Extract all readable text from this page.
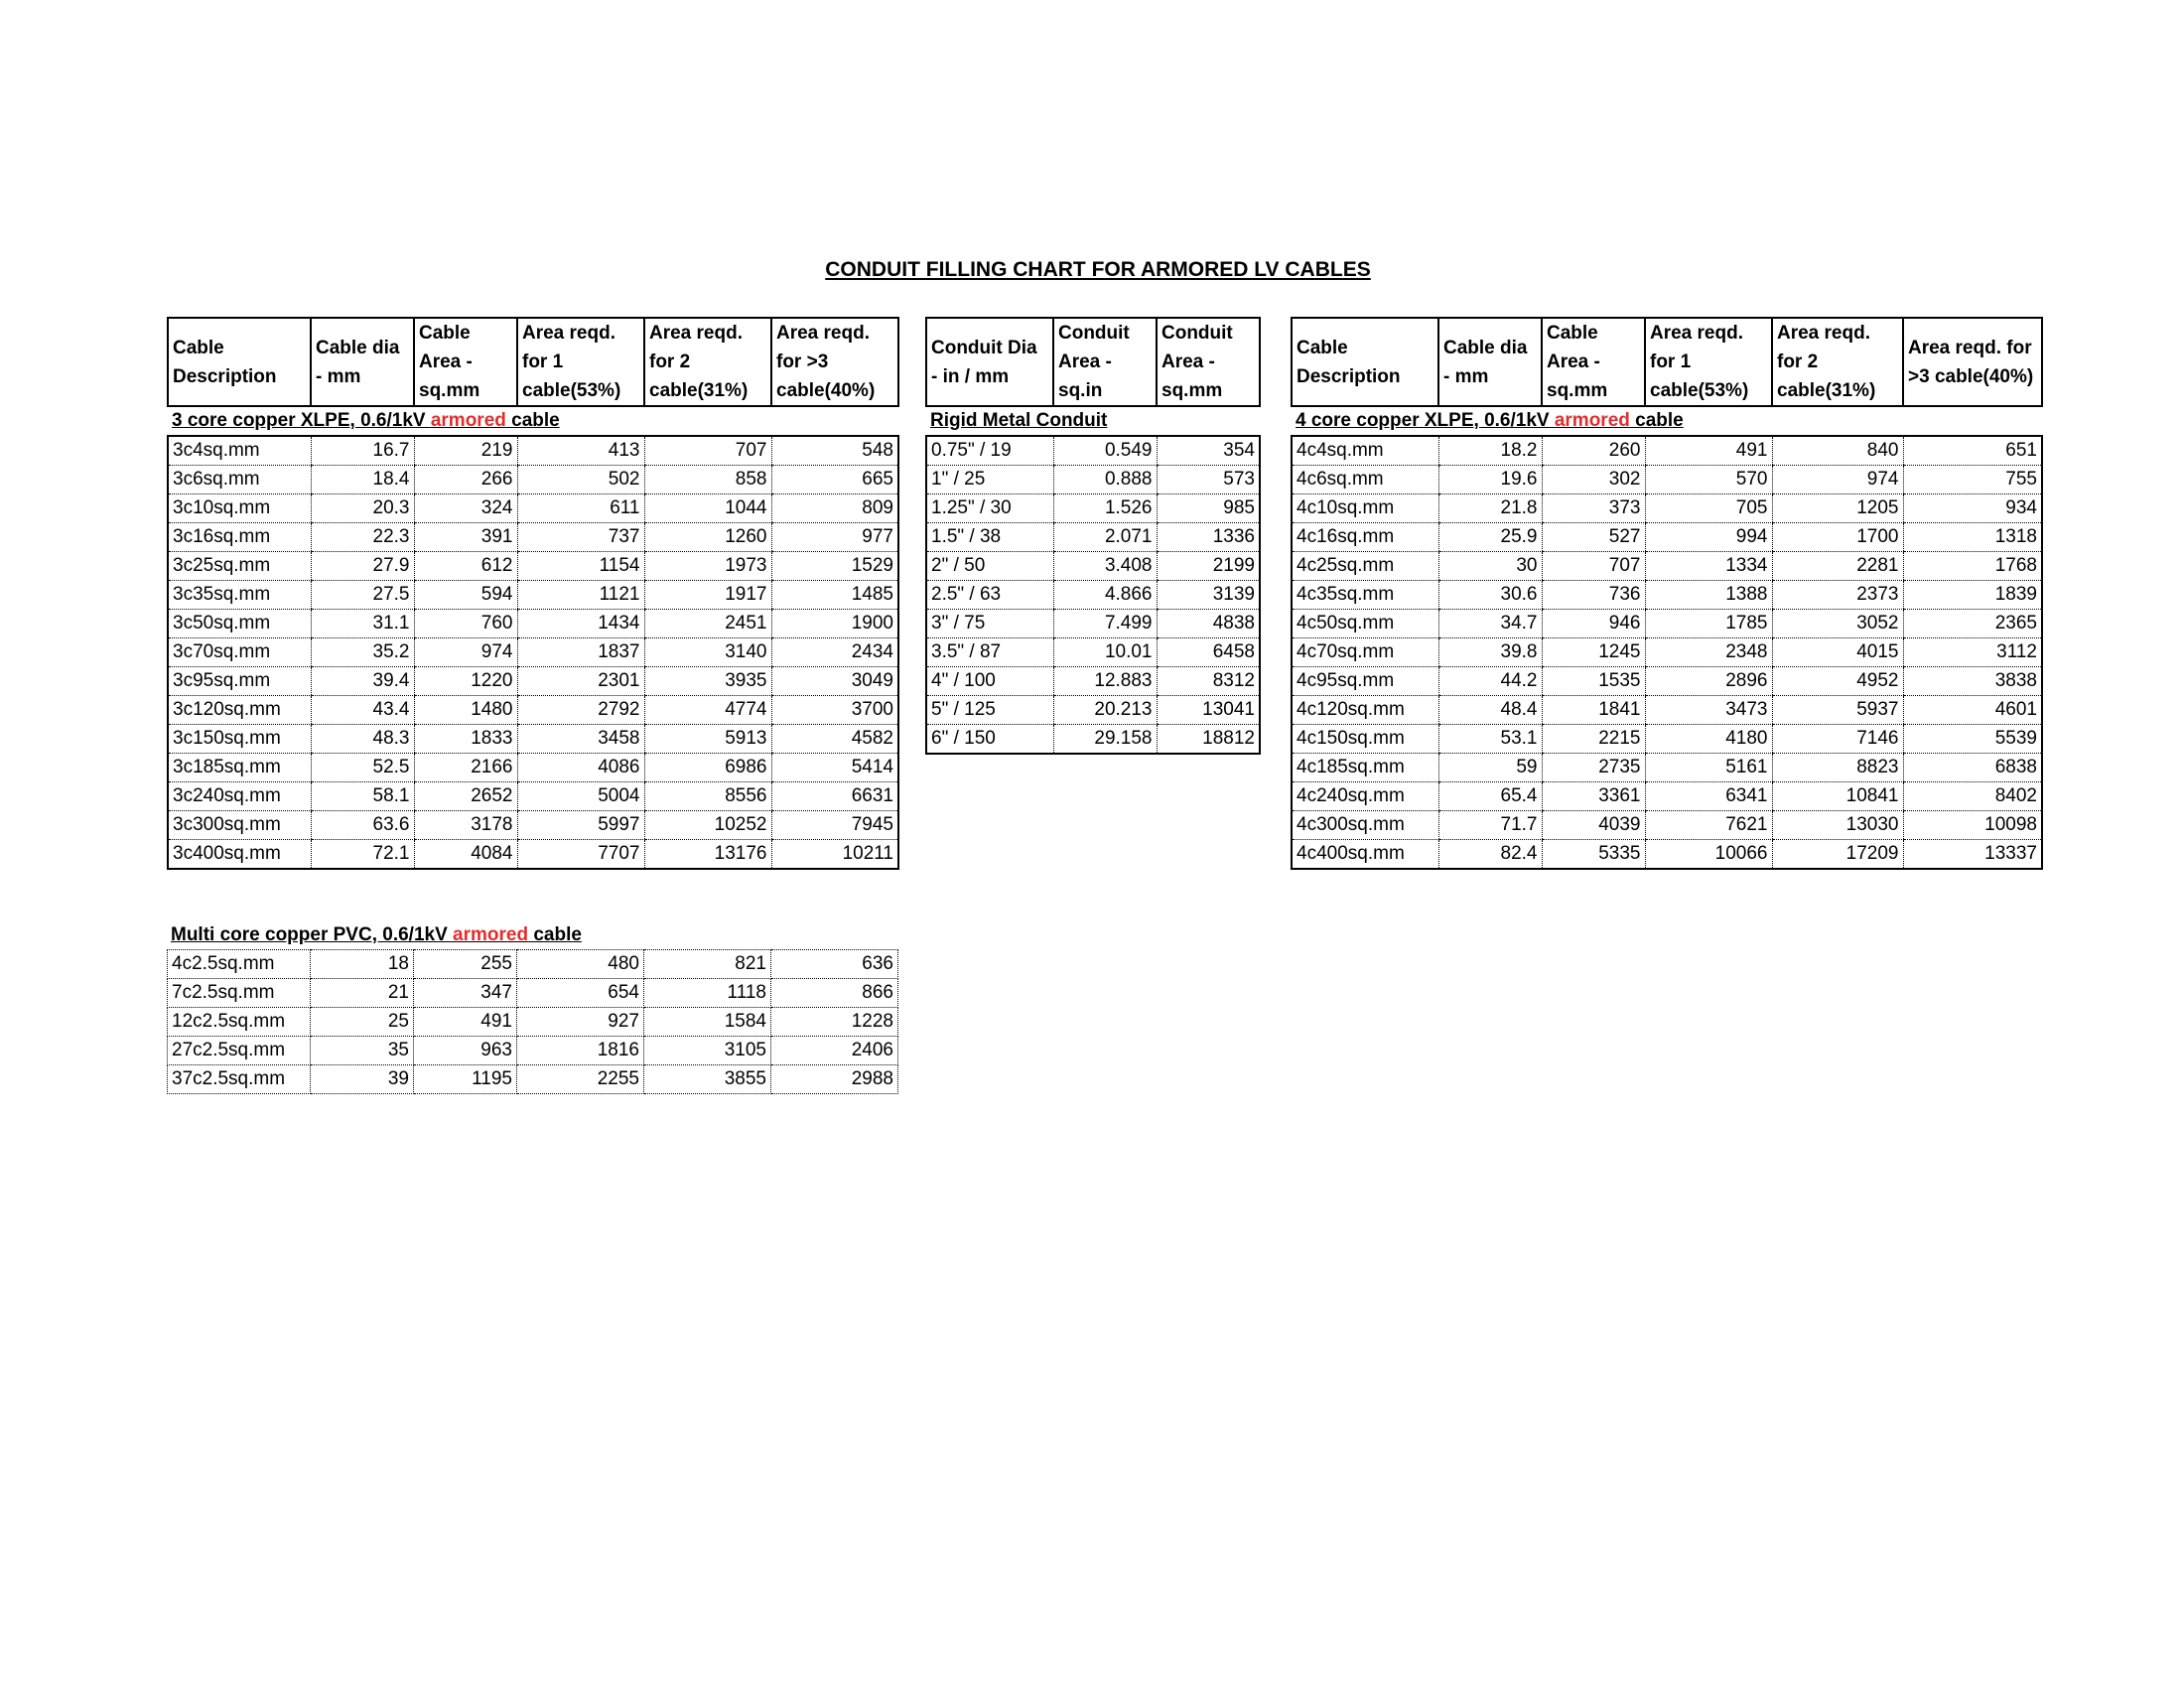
CONDUIT FILLING CHART FOR ARMORED LV CABLES
Cable Description	Cable dia - mm	Cable Area - sq.mm	Area reqd. for 1 cable(53%)	Area reqd. for 2 cable(31%)	Area reqd. for >3 cable(40%)

3 core copper XLPE, 0.6/1kV armored cable					

3c4sq.mm	16.7	219	413	707	548
3c6sq.mm	18.4	266	502	858	665
3c10sq.mm	20.3	324	611	1044	809
3c16sq.mm	22.3	391	737	1260	977
3c25sq.mm	27.9	612	1154	1973	1529
3c35sq.mm	27.5	594	1121	1917	1485
3c50sq.mm	31.1	760	1434	2451	1900
3c70sq.mm	35.2	974	1837	3140	2434
3c95sq.mm	39.4	1220	2301	3935	3049
3c120sq.mm	43.4	1480	2792	4774	3700
3c150sq.mm	48.3	1833	3458	5913	4582
3c185sq.mm	52.5	2166	4086	6986	5414
3c240sq.mm	58.1	2652	5004	8556	6631
3c300sq.mm	63.6	3178	5997	10252	7945
3c400sq.mm	72.1	4084	7707	13176	10211
Conduit Dia - in / mm	Conduit Area - sq.in	Conduit Area - sq.mm

Rigid Metal Conduit		

0.75" / 19	0.549	354
1" / 25	0.888	573
1.25" / 30	1.526	985
1.5" / 38	2.071	1336
2" / 50	3.408	2199
2.5" / 63	4.866	3139
3" / 75	7.499	4838
3.5" / 87	10.01	6458
4" / 100	12.883	8312
5" / 125	20.213	13041
6" / 150	29.158	18812
Cable Description	Cable dia - mm	Cable Area - sq.mm	Area reqd. for 1 cable(53%)	Area reqd. for 2 cable(31%)	Area reqd. for >3 cable(40%)

4 core copper XLPE, 0.6/1kV armored cable					

4c4sq.mm	18.2	260	491	840	651
4c6sq.mm	19.6	302	570	974	755
4c10sq.mm	21.8	373	705	1205	934
4c16sq.mm	25.9	527	994	1700	1318
4c25sq.mm	30	707	1334	2281	1768
4c35sq.mm	30.6	736	1388	2373	1839
4c50sq.mm	34.7	946	1785	3052	2365
4c70sq.mm	39.8	1245	2348	4015	3112
4c95sq.mm	44.2	1535	2896	4952	3838
4c120sq.mm	48.4	1841	3473	5937	4601
4c150sq.mm	53.1	2215	4180	7146	5539
4c185sq.mm	59	2735	5161	8823	6838
4c240sq.mm	65.4	3361	6341	10841	8402
4c300sq.mm	71.7	4039	7621	13030	10098
4c400sq.mm	82.4	5335	10066	17209	13337
Multi core copper PVC, 0.6/1kV armored cable
4c2.5sq.mm	18	255	480	821	636
7c2.5sq.mm	21	347	654	1118	866
12c2.5sq.mm	25	491	927	1584	1228
27c2.5sq.mm	35	963	1816	3105	2406
37c2.5sq.mm	39	1195	2255	3855	2988
